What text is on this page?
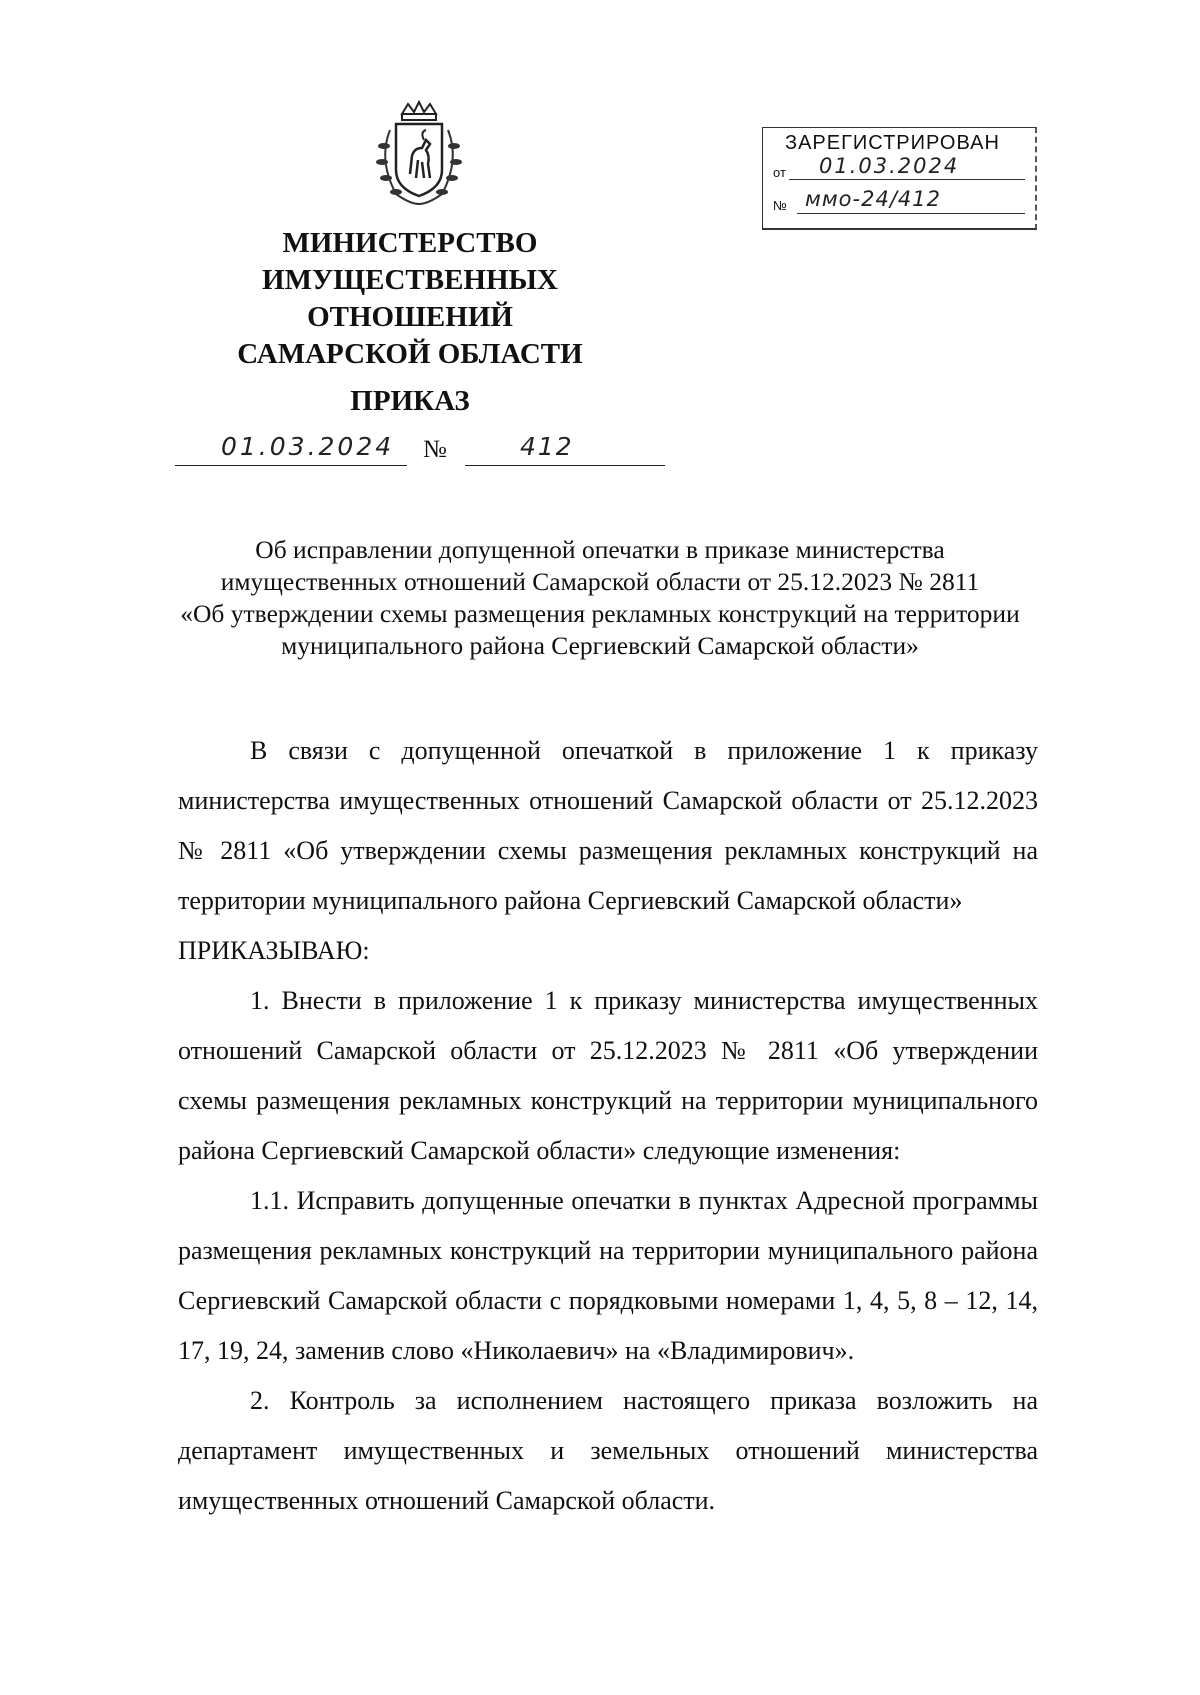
МИНИСТЕРСТВО
ИМУЩЕСТВЕННЫХ
ОТНОШЕНИЙ
САМАРСКОЙ ОБЛАСТИ
ПРИКАЗ
01.03.2024 №	412
ЗАРЕГИСТРИРОВАН
от 01.03.2024
№ ммо-24/412
Об исправлении допущенной опечатки в приказе министерства
имущественных отношений Самарской области от 25.12.2023 № 2811
«Об утверждении схемы размещения рекламных конструкций на территории
муниципального района Сергиевский Самарской области»

В связи с допущенной опечаткой в приложение 1 к приказу министерства имущественных отношений Самарской области от 25.12.2023 № 2811 «Об утверждении схемы размещения рекламных конструкций на территории муниципального района Сергиевский Самарской области»

ПРИКАЗЫВАЮ:

1. Внести в приложение 1 к приказу министерства имущественных отношений Самарской области от 25.12.2023 № 2811 «Об утверждении схемы размещения рекламных конструкций на территории муниципального района Сергиевский Самарской области» следующие изменения:

1.1. Исправить допущенные опечатки в пунктах Адресной программы размещения рекламных конструкций на территории муниципального района Сергиевский Самарской области с порядковыми номерами 1, 4, 5, 8 – 12, 14, 17, 19, 24, заменив слово «Николаевич» на «Владимирович».

2. Контроль за исполнением настоящего приказа возложить на департамент имущественных и земельных отношений министерства имущественных отношений Самарской области.
